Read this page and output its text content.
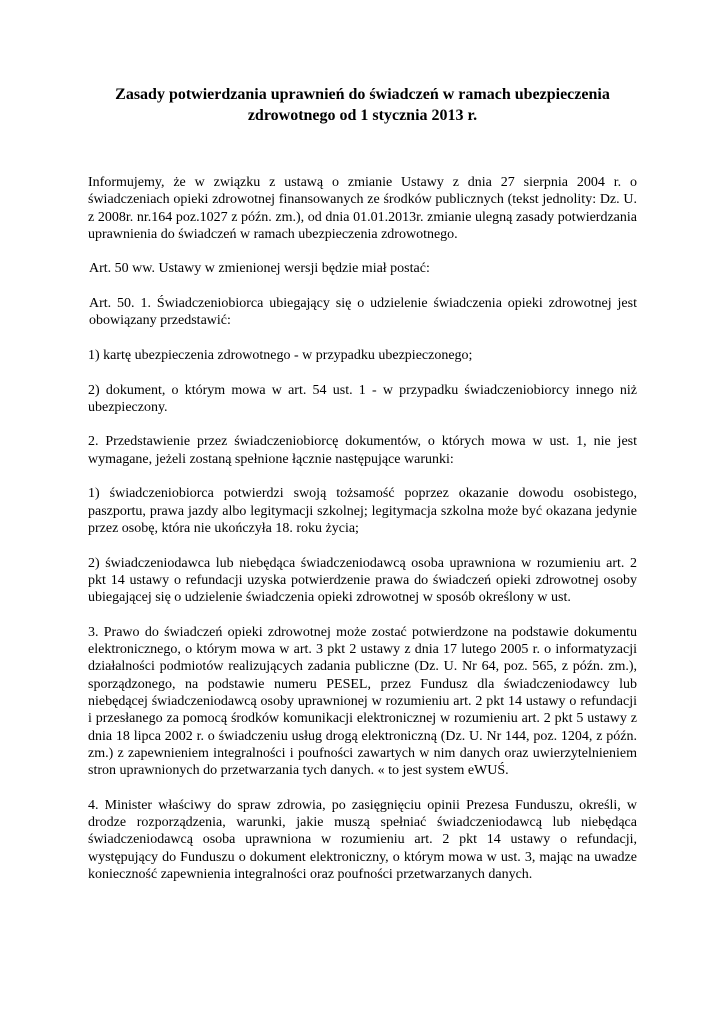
Zasady potwierdzania uprawnień do świadczeń w ramach ubezpieczenia zdrowotnego od 1 stycznia 2013 r.

Informujemy, że w związku z ustawą o zmianie Ustawy z dnia 27 sierpnia 2004 r. o świadczeniach opieki zdrowotnej finansowanych ze środków publicznych (tekst jednolity: Dz. U. z 2008r. nr.164 poz.1027 z późn. zm.), od dnia 01.01.2013r. zmianie ulegną zasady potwierdzania uprawnienia do świadczeń w ramach ubezpieczenia zdrowotnego.

Art. 50 ww. Ustawy w zmienionej wersji będzie miał postać:

Art. 50. 1. Świadczeniobiorca ubiegający się o udzielenie świadczenia opieki zdrowotnej jest obowiązany przedstawić:

1) kartę ubezpieczenia zdrowotnego - w przypadku ubezpieczonego;

2) dokument, o którym mowa w art. 54 ust. 1 - w przypadku świadczeniobiorcy innego niż ubezpieczony.

2. Przedstawienie przez świadczeniobiorcę dokumentów, o których mowa w ust. 1, nie jest wymagane, jeżeli zostaną spełnione łącznie następujące warunki:

1) świadczeniobiorca potwierdzi swoją tożsamość poprzez okazanie dowodu osobistego, paszportu, prawa jazdy albo legitymacji szkolnej; legitymacja szkolna może być okazana jedynie przez osobę, która nie ukończyła 18. roku życia;

2) świadczeniodawca lub niebędąca świadczeniodawcą osoba uprawniona w rozumieniu art. 2 pkt 14 ustawy o refundacji uzyska potwierdzenie prawa do świadczeń opieki zdrowotnej osoby ubiegającej się o udzielenie świadczenia opieki zdrowotnej w sposób określony w ust.

3. Prawo do świadczeń opieki zdrowotnej może zostać potwierdzone na podstawie dokumentu elektronicznego, o którym mowa w art. 3 pkt 2 ustawy z dnia 17 lutego 2005 r. o informatyzacji działalności podmiotów realizujących zadania publiczne (Dz. U. Nr 64, poz. 565, z późn. zm.), sporządzonego, na podstawie numeru PESEL, przez Fundusz dla świadczeniodawcy lub niebędącej świadczeniodawcą osoby uprawnionej w rozumieniu art. 2 pkt 14 ustawy o refundacji i przesłanego za pomocą środków komunikacji elektronicznej w rozumieniu art. 2 pkt 5 ustawy z dnia 18 lipca 2002 r. o świadczeniu usług drogą elektroniczną (Dz. U. Nr 144, poz. 1204, z późn. zm.) z zapewnieniem integralności i poufności zawartych w nim danych oraz uwierzytelnieniem stron uprawnionych do przetwarzania tych danych. « to jest system eWUŚ.

4. Minister właściwy do spraw zdrowia, po zasięgnięciu opinii Prezesa Funduszu, określi, w drodze rozporządzenia, warunki, jakie muszą spełniać świadczeniodawcą lub niebędąca świadczeniodawcą osoba uprawniona w rozumieniu art. 2 pkt 14 ustawy o refundacji, występujący do Funduszu o dokument elektroniczny, o którym mowa w ust. 3, mając na uwadze konieczność zapewnienia integralności oraz poufności przetwarzanych danych.
